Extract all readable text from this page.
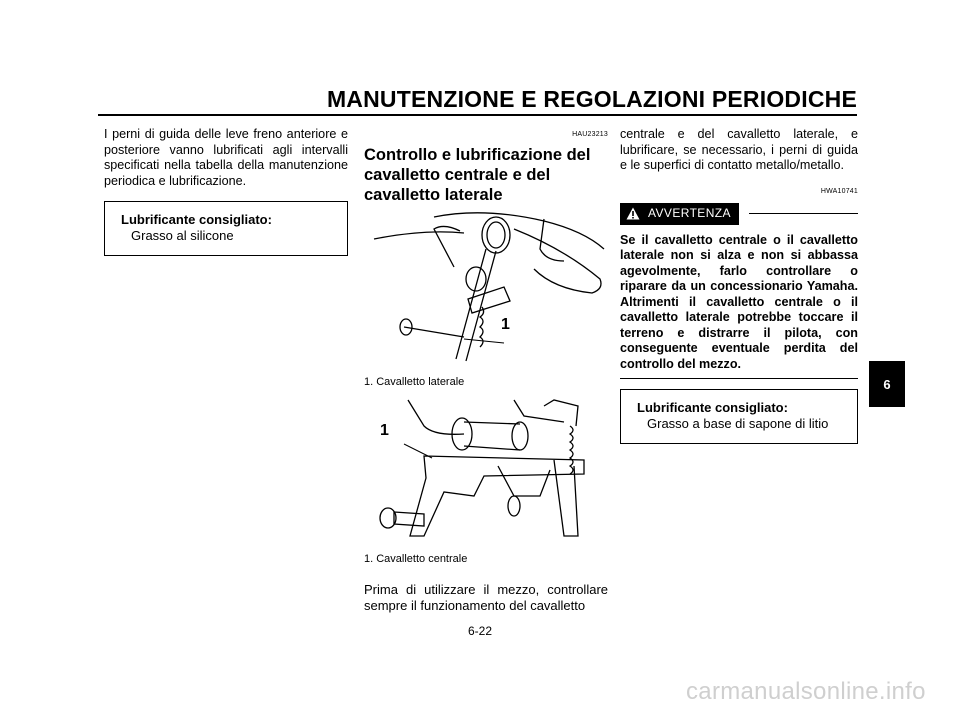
MANUTENZIONE E REGOLAZIONI PERIODICHE

I perni di guida delle leve freno anteriore e posteriore vanno lubrificati agli intervalli specificati nella tabella della manutenzione periodica e lubrificazione.

Lubrificante consigliato:
Grasso al silicone
HAU23213
Controllo e lubrificazione del cavalletto centrale e del cavalletto laterale
1
1. Cavalletto laterale
1
1. Cavalletto centrale

Prima di utilizzare il mezzo, controllare sempre il funzionamento del cavalletto

centrale e del cavalletto laterale, e lubrificare, se necessario, i perni di guida e le superfici di contatto metallo/metallo.

HWA10741
AVVERTENZA

Se il cavalletto centrale o il cavalletto laterale non si alza e non si abbassa agevolmente, farlo controllare o riparare da un concessionario Yamaha. Altrimenti il cavalletto centrale o il cavalletto laterale potrebbe toccare il terreno e distrarre il pilota, con conseguente eventuale perdita del controllo del mezzo.

Lubrificante consigliato:
Grasso a base di sapone di litio
6
6-22
carmanualsonline.info
